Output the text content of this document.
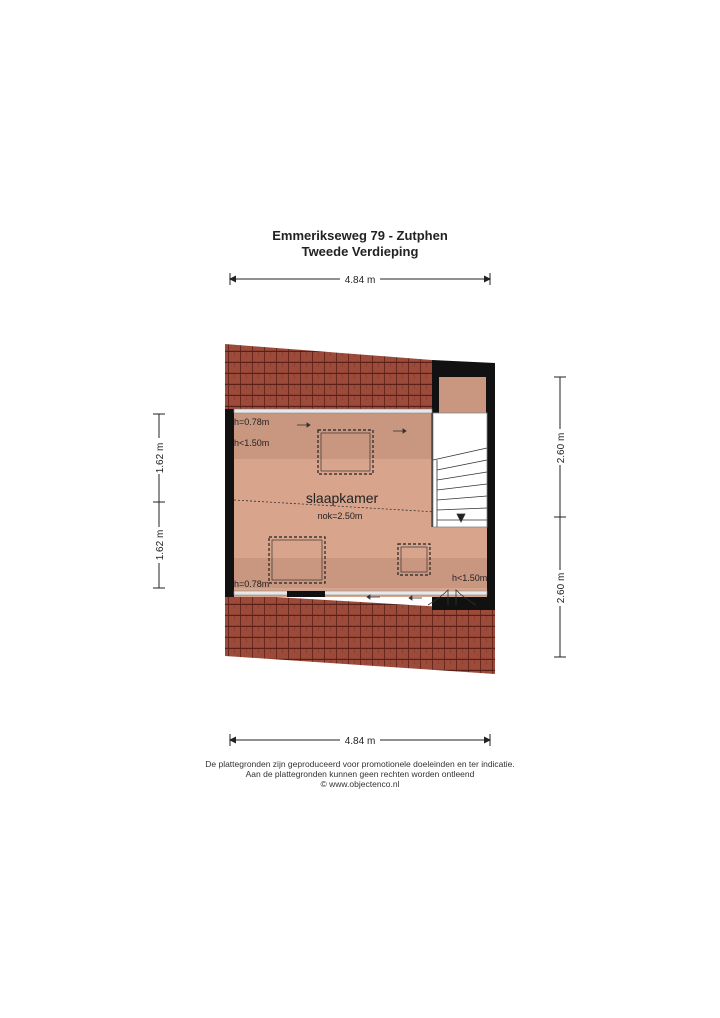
Emmerikseweg 79 - Zutphen
Tweede Verdieping
4.84 m
4.84 m
1.62 m
1.62 m
2.60 m
2.60 m
slaapkamer
nok=2.50m
h=0.78m
h<1.50m
h=0.78m
h<1.50m
De plattegronden zijn geproduceerd voor promotionele doeleinden en ter indicatie.
Aan de plattegronden kunnen geen rechten worden ontleend
© www.objectenco.nl
